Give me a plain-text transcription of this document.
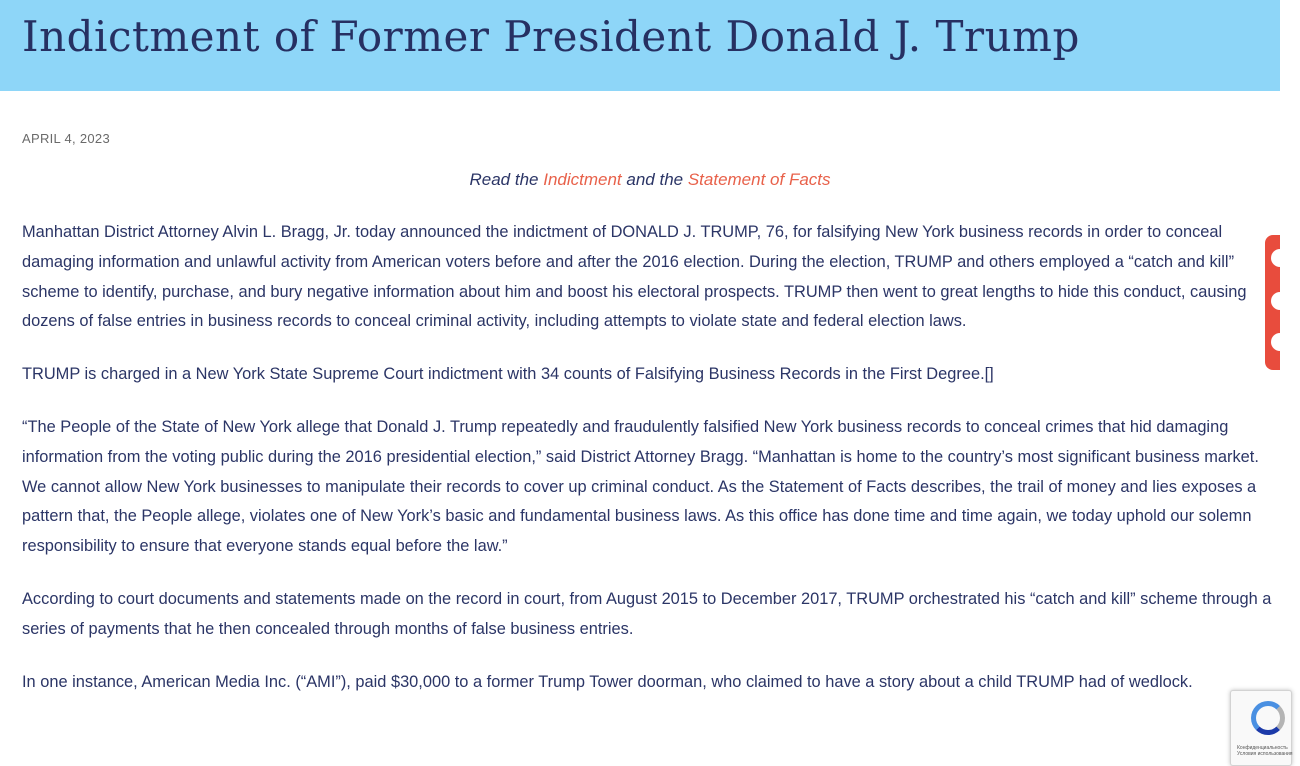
Indictment of Former President Donald J. Trump
APRIL 4, 2023
Read the Indictment and the Statement of Facts

Manhattan District Attorney Alvin L. Bragg, Jr. today announced the indictment of DONALD J. TRUMP, 76, for falsifying New York business records in order to conceal damaging information and unlawful activity from American voters before and after the 2016 election. During the election, TRUMP and others employed a “catch and kill” scheme to identify, purchase, and bury negative information about him and boost his electoral prospects. TRUMP then went to great lengths to hide this conduct, causing dozens of false entries in business records to conceal criminal activity, including attempts to violate state and federal election laws.

TRUMP is charged in a New York State Supreme Court indictment with 34 counts of Falsifying Business Records in the First Degree.[]

“The People of the State of New York allege that Donald J. Trump repeatedly and fraudulently falsified New York business records to conceal crimes that hid damaging information from the voting public during the 2016 presidential election,” said District Attorney Bragg. “Manhattan is home to the country’s most significant business market. We cannot allow New York businesses to manipulate their records to cover up criminal conduct. As the Statement of Facts describes, the trail of money and lies exposes a pattern that, the People allege, violates one of New York’s basic and fundamental business laws. As this office has done time and time again, we today uphold our solemn responsibility to ensure that everyone stands equal before the law.”

According to court documents and statements made on the record in court, from August 2015 to December 2017, TRUMP orchestrated his “catch and kill” scheme through a series of payments that he then concealed through months of false business entries.

In one instance, American Media Inc. (“AMI”), paid $30,000 to a former Trump Tower doorman, who claimed to have a story about a child TRUMP had of wedlock.

Конфиденциальность
Условия использования
